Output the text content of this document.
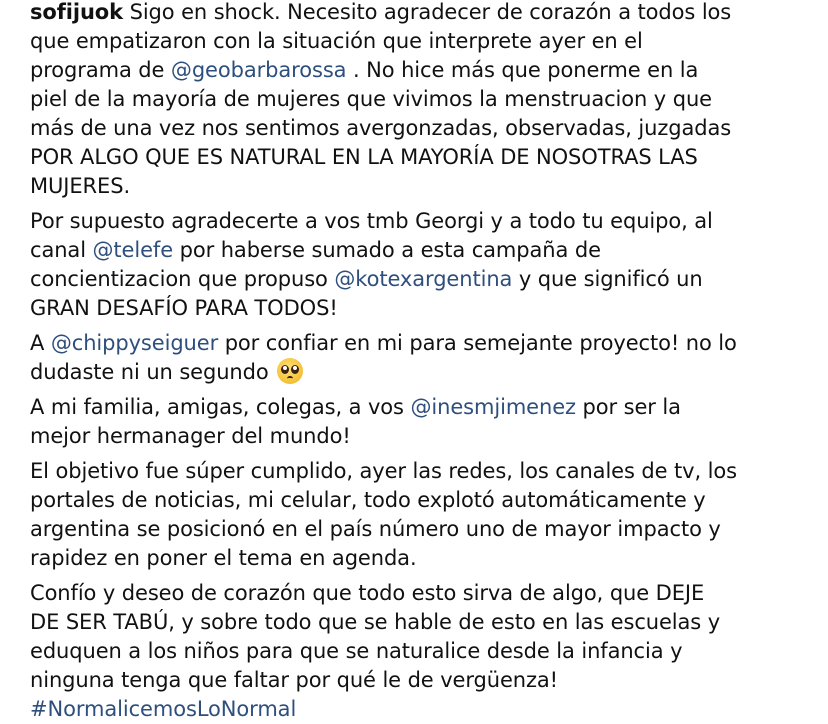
sofijuok Sigo en shock. Necesito agradecer de corazón a todos los
que empatizaron con la situación que interprete ayer en el
programa de @geobarbarossa . No hice más que ponerme en la
piel de la mayoría de mujeres que vivimos la menstruacion y que
más de una vez nos sentimos avergonzadas, observadas, juzgadas
POR ALGO QUE ES NATURAL EN LA MAYORÍA DE NOSOTRAS LAS
MUJERES.
Por supuesto agradecerte a vos tmb Georgi y a todo tu equipo, al
canal @telefe por haberse sumado a esta campaña de
concientizacion que propuso @kotexargentina y que significó un
GRAN DESAFÍO PARA TODOS!
A @chippyseiguer por confiar en mi para semejante proyecto! no lo
dudaste ni un segundo
A mi familia, amigas, colegas, a vos @inesmjimenez por ser la
mejor hermanager del mundo!
El objetivo fue súper cumplido, ayer las redes, los canales de tv, los
portales de noticias, mi celular, todo explotó automáticamente y
argentina se posicionó en el país número uno de mayor impacto y
rapidez en poner el tema en agenda.
Confío y deseo de corazón que todo esto sirva de algo, que DEJE
DE SER TABÚ, y sobre todo que se hable de esto en las escuelas y
eduquen a los niños para que se naturalice desde la infancia y
ninguna tenga que faltar por qué le de vergüenza!
#NormalicemosLoNormal
